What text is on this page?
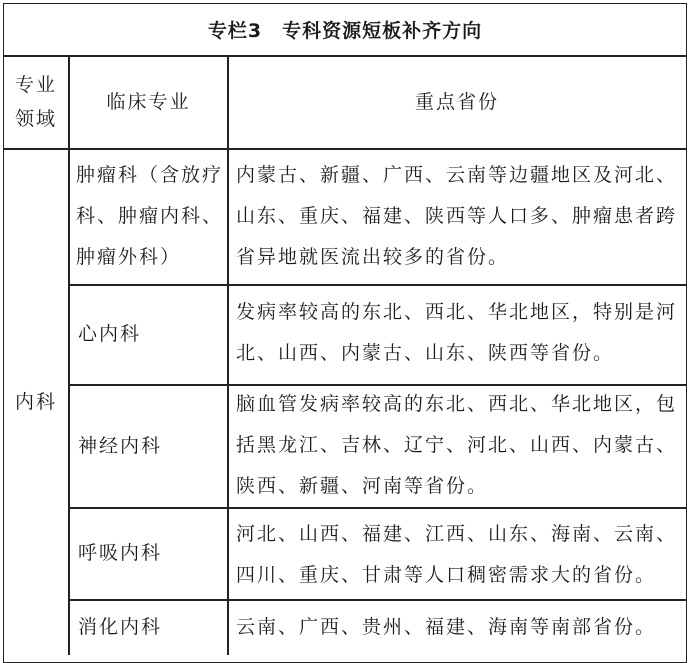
专栏3　专科资源短板补齐方向
专业
领域
临床专业	重点省份
内科
肿瘤科（含放疗科、肿瘤内科、肿瘤外科）
内蒙古、新疆、广西、云南等边疆地区及河北、山东、重庆、福建、陕西等人口多、肿瘤患者跨省异地就医流出较多的省份。
心内科
发病率较高的东北、西北、华北地区，特别是河北、山西、内蒙古、山东、陕西等省份。
神经内科
脑血管发病率较高的东北、西北、华北地区，包括黑龙江、吉林、辽宁、河北、山西、内蒙古、陕西、新疆、河南等省份。
呼吸内科
河北、山西、福建、江西、山东、海南、云南、四川、重庆、甘肃等人口稠密需求大的省份。
消化内科	云南、广西、贵州、福建、海南等南部省份。
